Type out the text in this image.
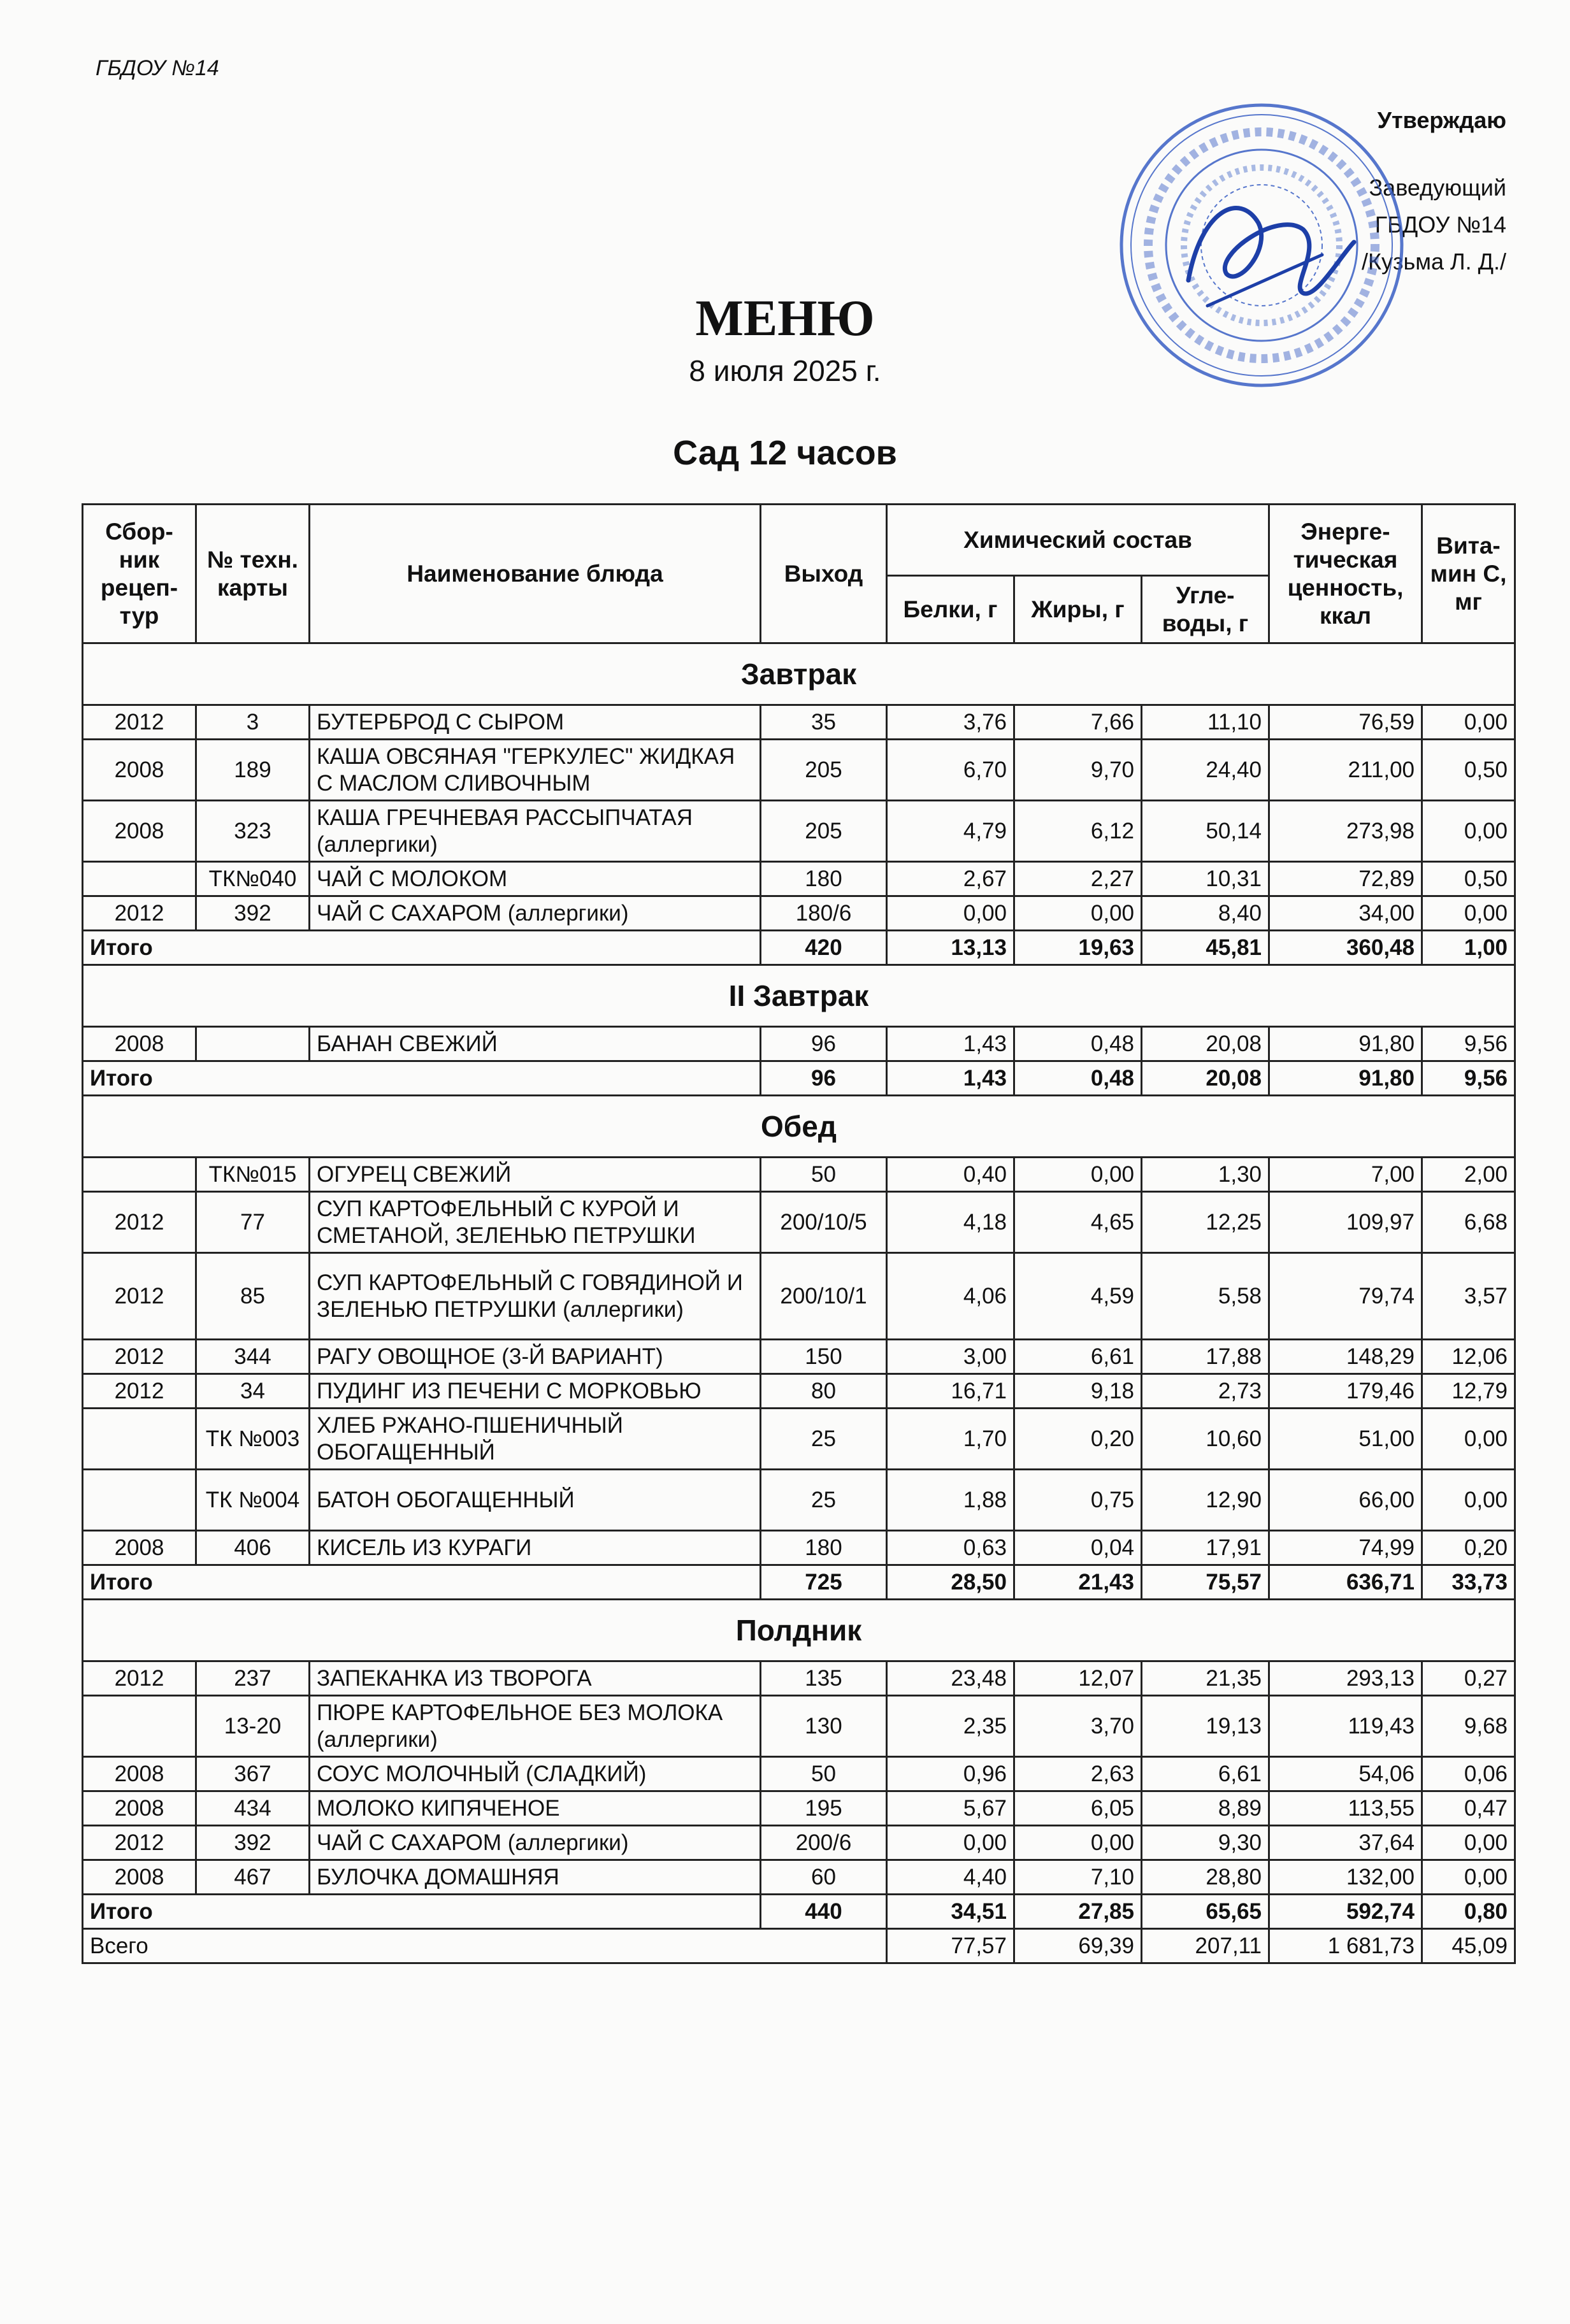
ГБДОУ №14
Утверждаю
Заведующий
ГБДОУ №14
/Кузьма Л. Д./
МЕНЮ
8 июля 2025 г.
Сад 12 часов
Сбор-ник рецеп-тур	№ техн. карты	Наименование блюда	Выход	Химический состав			Энерге-тическая ценность, ккал	Вита-мин С, мг
				Белки, г	Жиры, г	Угле-воды, г		
Завтрак								
2012	3	БУТЕРБРОД С СЫРОМ	35	3,76	7,66	11,10	76,59	0,00
2008	189	КАША ОВСЯНАЯ "ГЕРКУЛЕС" ЖИДКАЯ С МАСЛОМ СЛИВОЧНЫМ	205	6,70	9,70	24,40	211,00	0,50
2008	323	КАША ГРЕЧНЕВАЯ РАССЫПЧАТАЯ (аллергики)	205	4,79	6,12	50,14	273,98	0,00
	ТК№040	ЧАЙ С МОЛОКОМ	180	2,67	2,27	10,31	72,89	0,50
2012	392	ЧАЙ С САХАРОМ (аллергики)	180/6	0,00	0,00	8,40	34,00	0,00
Итого			420	13,13	19,63	45,81	360,48	1,00
II Завтрак								
2008		БАНАН СВЕЖИЙ	96	1,43	0,48	20,08	91,80	9,56
Итого			96	1,43	0,48	20,08	91,80	9,56
Обед								
	ТК№015	ОГУРЕЦ СВЕЖИЙ	50	0,40	0,00	1,30	7,00	2,00
2012	77	СУП КАРТОФЕЛЬНЫЙ С КУРОЙ И СМЕТАНОЙ, ЗЕЛЕНЬЮ ПЕТРУШКИ	200/10/5	4,18	4,65	12,25	109,97	6,68
2012	85	СУП КАРТОФЕЛЬНЫЙ С ГОВЯДИНОЙ И ЗЕЛЕНЬЮ ПЕТРУШКИ (аллергики)	200/10/1	4,06	4,59	5,58	79,74	3,57
2012	344	РАГУ ОВОЩНОЕ (3-Й ВАРИАНТ)	150	3,00	6,61	17,88	148,29	12,06
2012	34	ПУДИНГ ИЗ ПЕЧЕНИ С МОРКОВЬЮ	80	16,71	9,18	2,73	179,46	12,79
	ТК №003	ХЛЕБ РЖАНО-ПШЕНИЧНЫЙ ОБОГАЩЕННЫЙ	25	1,70	0,20	10,60	51,00	0,00
	ТК №004	БАТОН ОБОГАЩЕННЫЙ	25	1,88	0,75	12,90	66,00	0,00
2008	406	КИСЕЛЬ ИЗ КУРАГИ	180	0,63	0,04	17,91	74,99	0,20
Итого			725	28,50	21,43	75,57	636,71	33,73
Полдник								
2012	237	ЗАПЕКАНКА ИЗ ТВОРОГА	135	23,48	12,07	21,35	293,13	0,27
	13-20	ПЮРЕ КАРТОФЕЛЬНОЕ БЕЗ МОЛОКА (аллергики)	130	2,35	3,70	19,13	119,43	9,68
2008	367	СОУС МОЛОЧНЫЙ (СЛАДКИЙ)	50	0,96	2,63	6,61	54,06	0,06
2008	434	МОЛОКО КИПЯЧЕНОЕ	195	5,67	6,05	8,89	113,55	0,47
2012	392	ЧАЙ С САХАРОМ (аллергики)	200/6	0,00	0,00	9,30	37,64	0,00
2008	467	БУЛОЧКА ДОМАШНЯЯ	60	4,40	7,10	28,80	132,00	0,00
Итого			440	34,51	27,85	65,65	592,74	0,80
Всего				77,57	69,39	207,11	1 681,73	45,09
